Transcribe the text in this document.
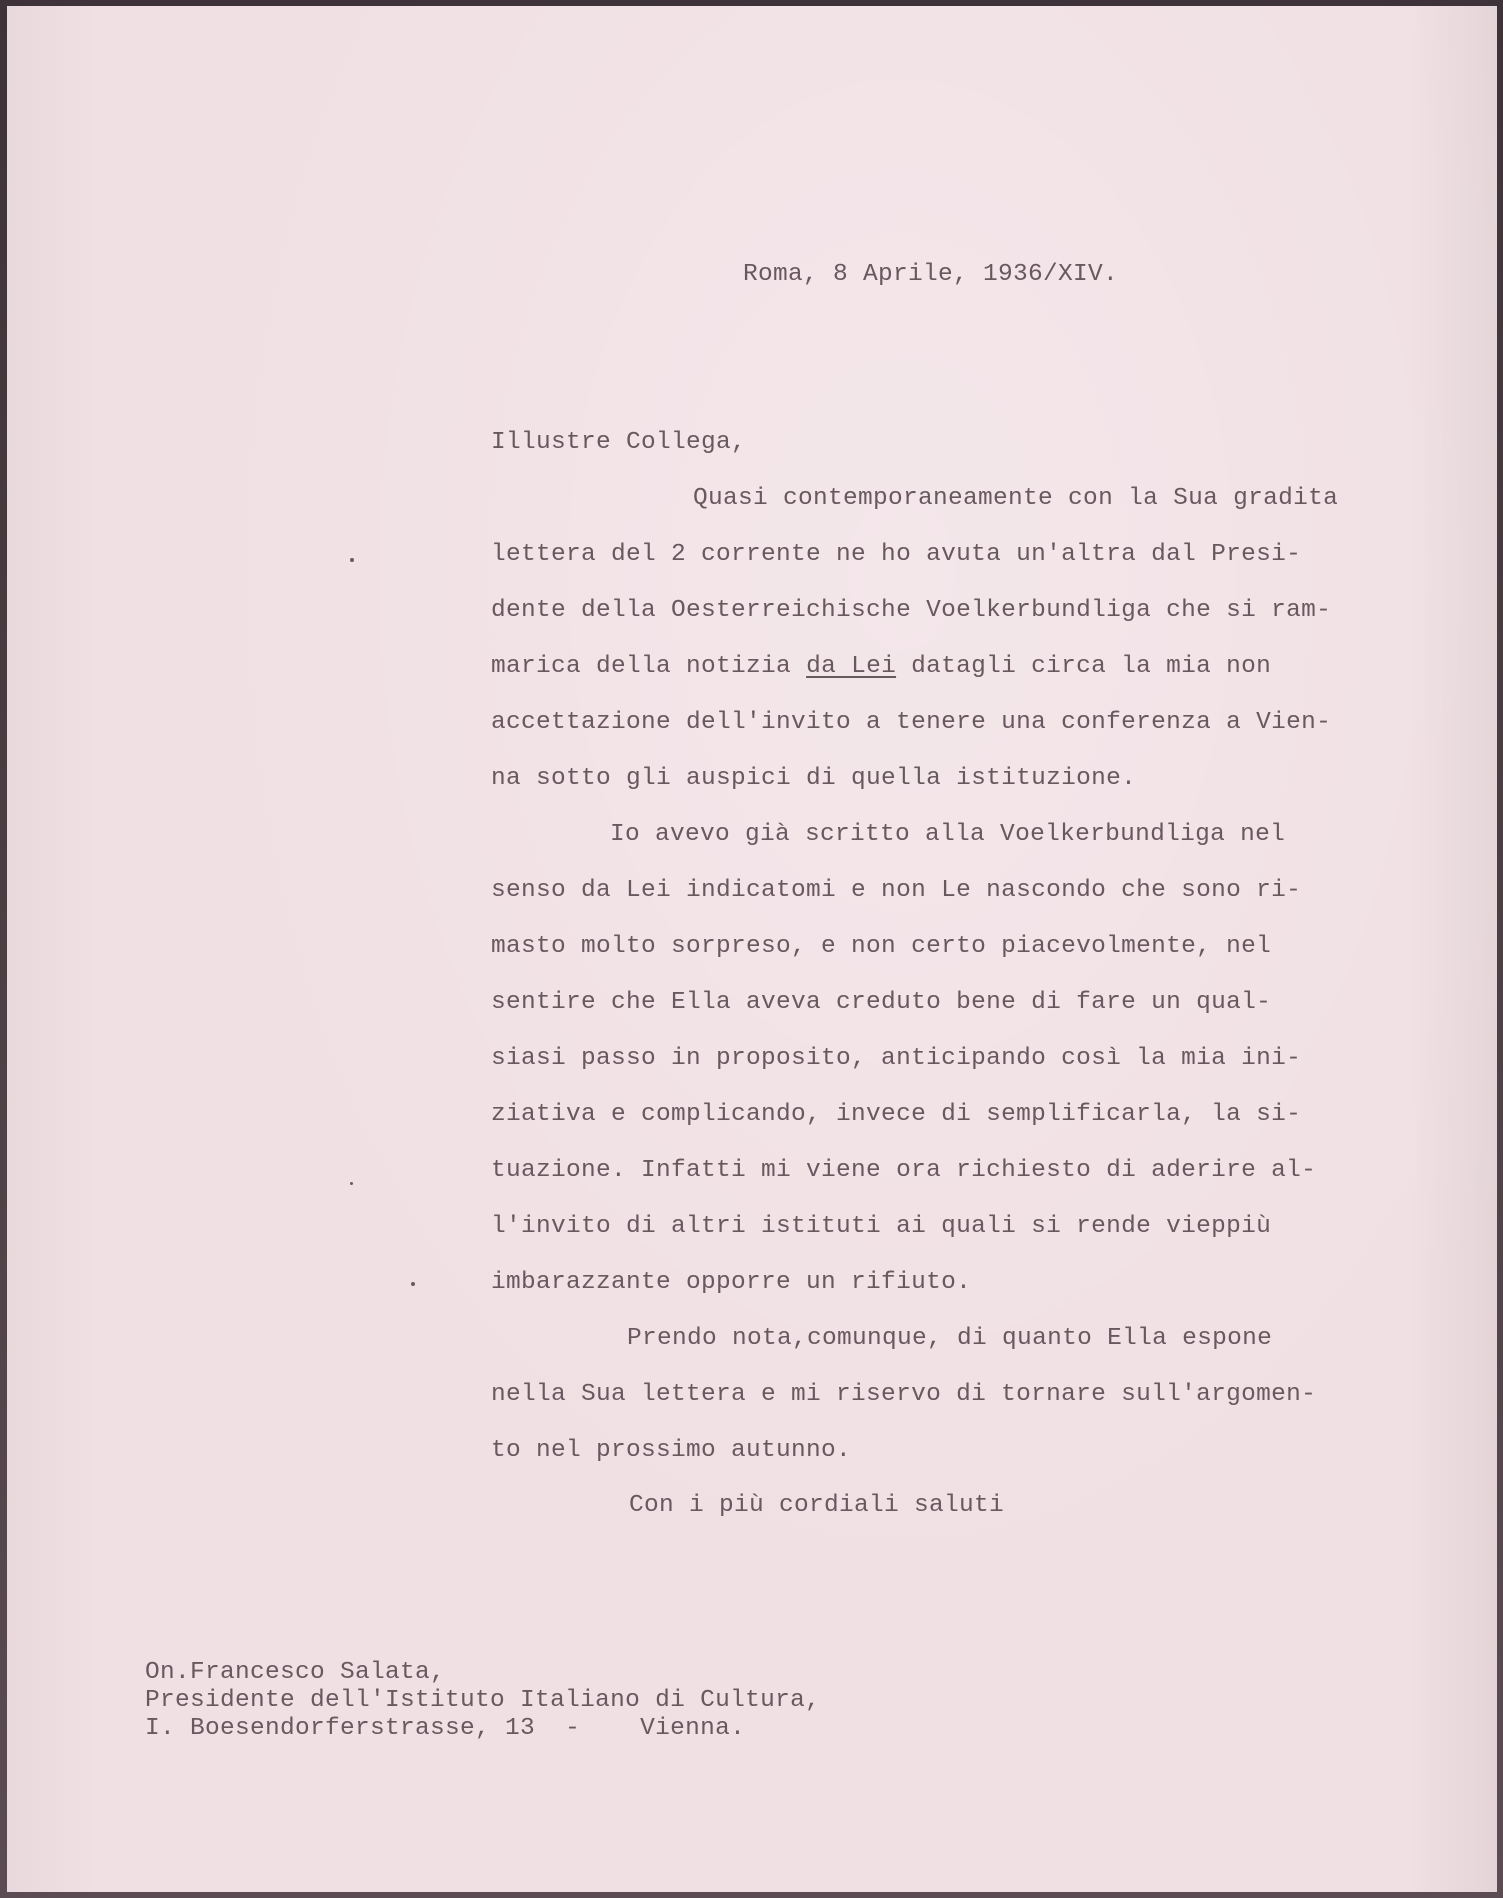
Roma, 8 Aprile, 1936/XIV.

Illustre Collega,

Quasi contemporaneamente con la Sua gradita

lettera del 2 corrente ne ho avuta un'altra dal Presi-

dente della Oesterreichische Voelkerbundliga che si ram-

marica della notizia da Lei datagli circa la mia non

accettazione dell'invito a tenere una conferenza a Vien-

na sotto gli auspici di quella istituzione.

Io avevo già scritto alla Voelkerbundliga nel

senso da Lei indicatomi e non Le nascondo che sono ri-

masto molto sorpreso, e non certo piacevolmente, nel

sentire che Ella aveva creduto bene di fare un qual-

siasi passo in proposito, anticipando così la mia ini-

ziativa e complicando, invece di semplificarla, la si-

tuazione. Infatti mi viene ora richiesto di aderire al-

l'invito di altri istituti ai quali si rende vieppiù

imbarazzante opporre un rifiuto.

Prendo nota,comunque, di quanto Ella espone

nella Sua lettera e mi riservo di tornare sull'argomen-

to nel prossimo autunno.

Con i più cordiali saluti

On.Francesco Salata,

Presidente dell'Istituto Italiano di Cultura,

I. Boesendorferstrasse, 13  -    Vienna.
